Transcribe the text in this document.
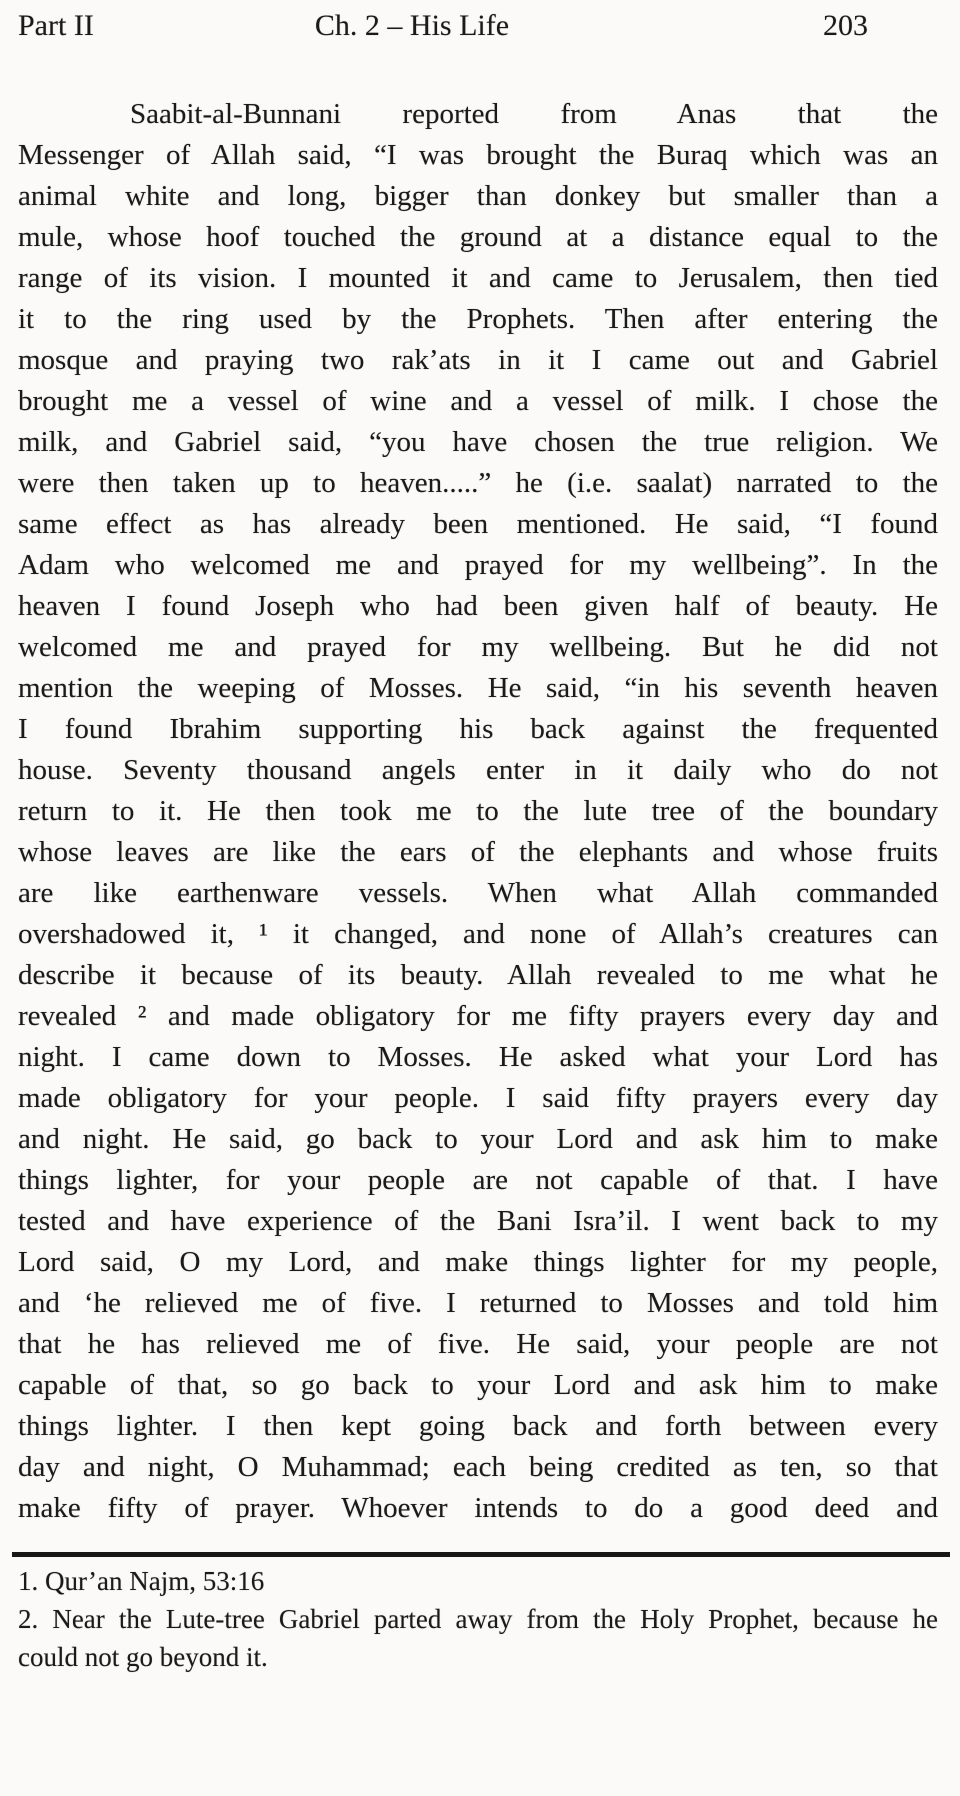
Part II	Ch. 2 – His Life	203
Saabit-al-Bunnani reported from Anas that the
Messenger of Allah said, “I was brought the Buraq which was an
animal white and long, bigger than donkey but smaller than a
mule, whose hoof touched the ground at a distance equal to the
range of its vision. I mounted it and came to Jerusalem, then tied
it to the ring used by the Prophets. Then after entering the
mosque and praying two rak’ats in it I came out and Gabriel
brought me a vessel of wine and a vessel of milk. I chose the
milk, and Gabriel said, “you have chosen the true religion. We
were then taken up to heaven.....” he (i.e. saalat) narrated to the
same effect as has already been mentioned. He said, “I found
Adam who welcomed me and prayed for my wellbeing”. In the
heaven I found Joseph who had been given half of beauty. He
welcomed me and prayed for my wellbeing. But he did not
mention the weeping of Mosses. He said, “in his seventh heaven
I found Ibrahim supporting his back against the frequented
house. Seventy thousand angels enter in it daily who do not
return to it. He then took me to the lute tree of the boundary
whose leaves are like the ears of the elephants and whose fruits
are like earthenware vessels. When what Allah commanded
overshadowed it, ¹ it changed, and none of Allah’s creatures can
describe it because of its beauty. Allah revealed to me what he
revealed ² and made obligatory for me fifty prayers every day and
night. I came down to Mosses. He asked what your Lord has
made obligatory for your people. I said fifty prayers every day
and night. He said, go back to your Lord and ask him to make
things lighter, for your people are not capable of that. I have
tested and have experience of the Bani Isra’il. I went back to my
Lord said, O my Lord, and make things lighter for my people,
and ‘he relieved me of five. I returned to Mosses and told him
that he has relieved me of five. He said, your people are not
capable of that, so go back to your Lord and ask him to make
things lighter. I then kept going back and forth between every
day and night, O Muhammad; each being credited as ten, so that
make fifty of prayer. Whoever intends to do a good deed and
1. Qur’an Najm, 53:16
2. Near the Lute-tree Gabriel parted away from the Holy Prophet, because he
could not go beyond it.
